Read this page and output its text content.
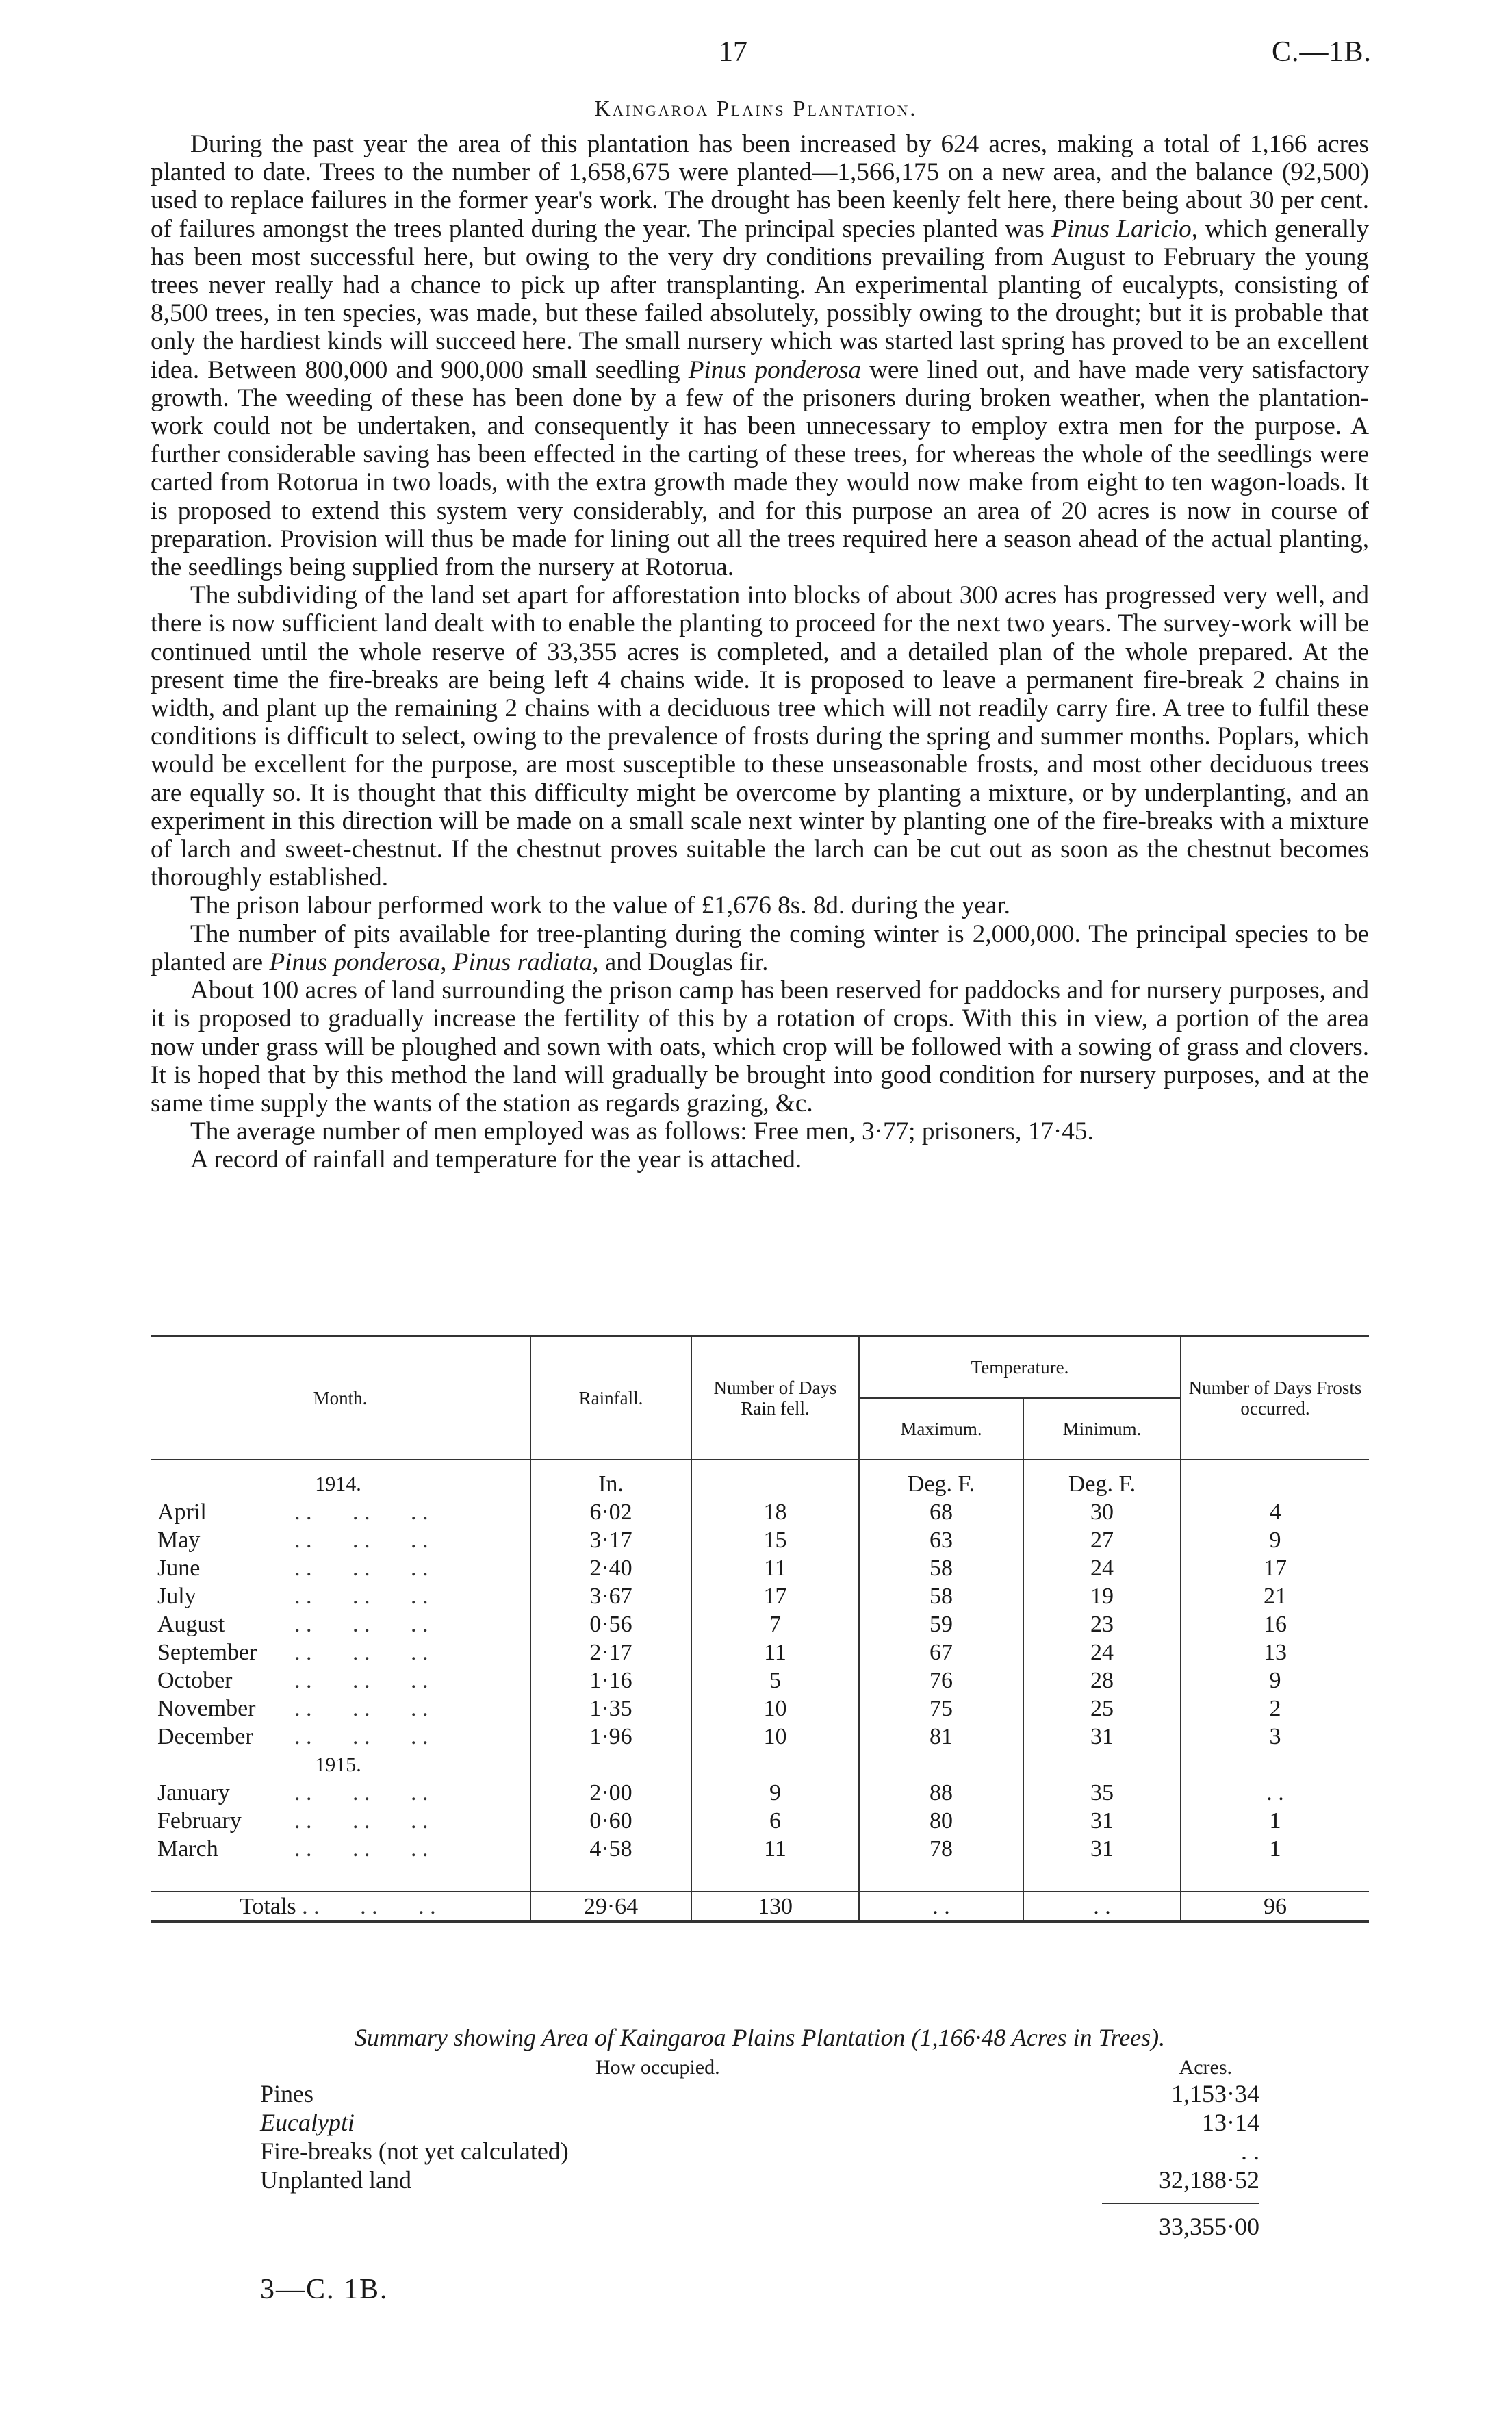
17	C.—1B.
Kaingaroa Plains Plantation.

During the past year the area of this plantation has been increased by 624 acres, making a total of 1,166 acres planted to date. Trees to the number of 1,658,675 were planted—1,566,175 on a new area, and the balance (92,500) used to replace failures in the former year's work. The drought has been keenly felt here, there being about 30 per cent. of failures amongst the trees planted during the year. The principal species planted was Pinus Laricio, which generally has been most successful here, but owing to the very dry conditions prevailing from August to February the young trees never really had a chance to pick up after transplanting. An experimental planting of eucalypts, consisting of 8,500 trees, in ten species, was made, but these failed absolutely, possibly owing to the drought; but it is probable that only the hardiest kinds will succeed here. The small nursery which was started last spring has proved to be an excellent idea. Between 800,000 and 900,000 small seedling Pinus ponderosa were lined out, and have made very satisfactory growth. The weeding of these has been done by a few of the prisoners during broken weather, when the plantation-work could not be undertaken, and consequently it has been unnecessary to employ extra men for the purpose. A further considerable saving has been effected in the carting of these trees, for whereas the whole of the seedlings were carted from Rotorua in two loads, with the extra growth made they would now make from eight to ten wagon-loads. It is proposed to extend this system very considerably, and for this purpose an area of 20 acres is now in course of preparation. Provision will thus be made for lining out all the trees required here a season ahead of the actual planting, the seedlings being supplied from the nursery at Rotorua.

The subdividing of the land set apart for afforestation into blocks of about 300 acres has progressed very well, and there is now sufficient land dealt with to enable the planting to proceed for the next two years. The survey-work will be continued until the whole reserve of 33,355 acres is completed, and a detailed plan of the whole prepared. At the present time the fire-breaks are being left 4 chains wide. It is proposed to leave a permanent fire-break 2 chains in width, and plant up the remaining 2 chains with a deciduous tree which will not readily carry fire. A tree to fulfil these conditions is difficult to select, owing to the prevalence of frosts during the spring and summer months. Poplars, which would be excellent for the purpose, are most susceptible to these unseasonable frosts, and most other deciduous trees are equally so. It is thought that this difficulty might be overcome by planting a mixture, or by underplanting, and an experiment in this direction will be made on a small scale next winter by planting one of the fire-breaks with a mixture of larch and sweet-chestnut. If the chestnut proves suitable the larch can be cut out as soon as the chestnut becomes thoroughly established.

The prison labour performed work to the value of £1,676 8s. 8d. during the year.

The number of pits available for tree-planting during the coming winter is 2,000,000. The principal species to be planted are Pinus ponderosa, Pinus radiata, and Douglas fir.

About 100 acres of land surrounding the prison camp has been reserved for paddocks and for nursery purposes, and it is proposed to gradually increase the fertility of this by a rotation of crops. With this in view, a portion of the area now under grass will be ploughed and sown with oats, which crop will be followed with a sowing of grass and clovers. It is hoped that by this method the land will gradually be brought into good condition for nursery purposes, and at the same time supply the wants of the station as regards grazing, &c.

The average number of men employed was as follows: Free men, 3·77; prisoners, 17·45.

A record of rainfall and temperature for the year is attached.

Month.	Rainfall.	Number of Days Rain fell.	Temperature.		Number of Days Frosts occurred.
			Maximum.	Minimum.	
1914.	In.		Deg. F.	Deg. F.	
April . .       . .       . .	6·02	18	68	30	4
May . .       . .       . .	3·17	15	63	27	9
June . .       . .       . .	2·40	11	58	24	17
July . .       . .       . .	3·67	17	58	19	21
August . .       . .       . .	0·56	7	59	23	16
September . .       . .       . .	2·17	11	67	24	13
October . .       . .       . .	1·16	5	76	28	9
November . .       . .       . .	1·35	10	75	25	2
December . .       . .       . .	1·96	10	81	31	3
1915.					
January . .       . .       . .	2·00	9	88	35	. .
February . .       . .       . .	0·60	6	80	31	1
March . .       . .       . .	4·58	11	78	31	1

Totals . .       . .       . .	29·64	130	. .	. .	96
Summary showing Area of Kaingaroa Plains Plantation (1,166·48 Acres in Trees).
How occupied.	Acres.
Pines	1,153·34
Eucalypti	13·14
Fire-breaks (not yet calculated)	. .
Unplanted land	32,188·52
33,355·00
3—C. 1B.
